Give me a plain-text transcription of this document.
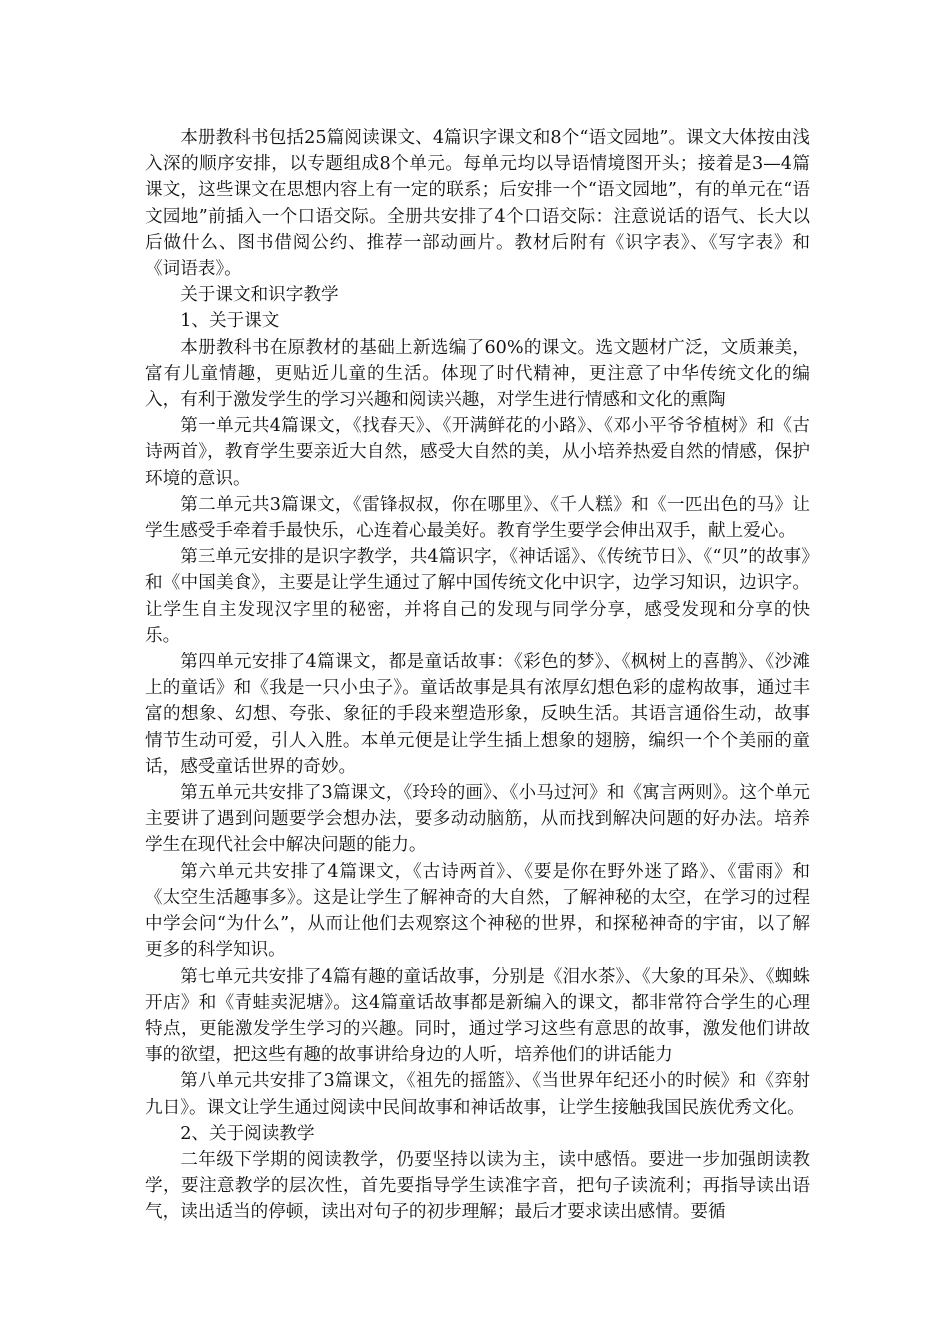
本册教科书包括25篇阅读课文、4篇识字课文和8个“语文园地”。课文大体按由浅入深的顺序安排，以专题组成8个单元。每单元均以导语情境图开头；接着是3—4篇课文，这些课文在思想内容上有一定的联系；后安排一个“语文园地”，有的单元在“语文园地”前插入一个口语交际。全册共安排了4个口语交际：注意说话的语气、长大以后做什么、图书借阅公约、推荐一部动画片。教材后附有《识字表》、《写字表》和《词语表》。

关于课文和识字教学

1、关于课文

本册教科书在原教材的基础上新选编了60%的课文。选文题材广泛，文质兼美，富有儿童情趣，更贴近儿童的生活。体现了时代精神，更注意了中华传统文化的编入，有利于激发学生的学习兴趣和阅读兴趣，对学生进行情感和文化的熏陶

第一单元共4篇课文，《找春天》、《开满鲜花的小路》、《邓小平爷爷植树》和《古诗两首》，教育学生要亲近大自然，感受大自然的美，从小培养热爱自然的情感，保护环境的意识。

第二单元共3篇课文，《雷锋叔叔，你在哪里》、《千人糕》和《一匹出色的马》让学生感受手牵着手最快乐，心连着心最美好。教育学生要学会伸出双手，献上爱心。

第三单元安排的是识字教学，共4篇识字，《神话谣》、《传统节日》、《“贝”的故事》和《中国美食》，主要是让学生通过了解中国传统文化中识字，边学习知识，边识字。让学生自主发现汉字里的秘密，并将自己的发现与同学分享，感受发现和分享的快乐。

第四单元安排了4篇课文，都是童话故事：《彩色的梦》、《枫树上的喜鹊》、《沙滩上的童话》和《我是一只小虫子》。童话故事是具有浓厚幻想色彩的虚构故事，通过丰富的想象、幻想、夸张、象征的手段来塑造形象，反映生活。其语言通俗生动，故事情节生动可爱，引人入胜。本单元便是让学生插上想象的翅膀，编织一个个美丽的童话，感受童话世界的奇妙。

第五单元共安排了3篇课文，《玲玲的画》、《小马过河》和《寓言两则》。这个单元主要讲了遇到问题要学会想办法，要多动动脑筋，从而找到解决问题的好办法。培养学生在现代社会中解决问题的能力。

第六单元共安排了4篇课文，《古诗两首》、《要是你在野外迷了路》、《雷雨》和《太空生活趣事多》。这是让学生了解神奇的大自然，了解神秘的太空，在学习的过程中学会问“为什么”，从而让他们去观察这个神秘的世界，和探秘神奇的宇宙，以了解更多的科学知识。

第七单元共安排了4篇有趣的童话故事，分别是《泪水茶》、《大象的耳朵》、《蜘蛛开店》和《青蛙卖泥塘》。这4篇童话故事都是新编入的课文，都非常符合学生的心理特点，更能激发学生学习的兴趣。同时，通过学习这些有意思的故事，激发他们讲故事的欲望，把这些有趣的故事讲给身边的人听，培养他们的讲话能力

第八单元共安排了3篇课文，《祖先的摇篮》、《当世界年纪还小的时候》和《弈射九日》。课文让学生通过阅读中民间故事和神话故事，让学生接触我国民族优秀文化。

2、关于阅读教学

二年级下学期的阅读教学，仍要坚持以读为主，读中感悟。要进一步加强朗读教学，要注意教学的层次性，首先要指导学生读准字音，把句子读流利；再指导读出语气，读出适当的停顿，读出对句子的初步理解；最后才要求读出感情。要循
